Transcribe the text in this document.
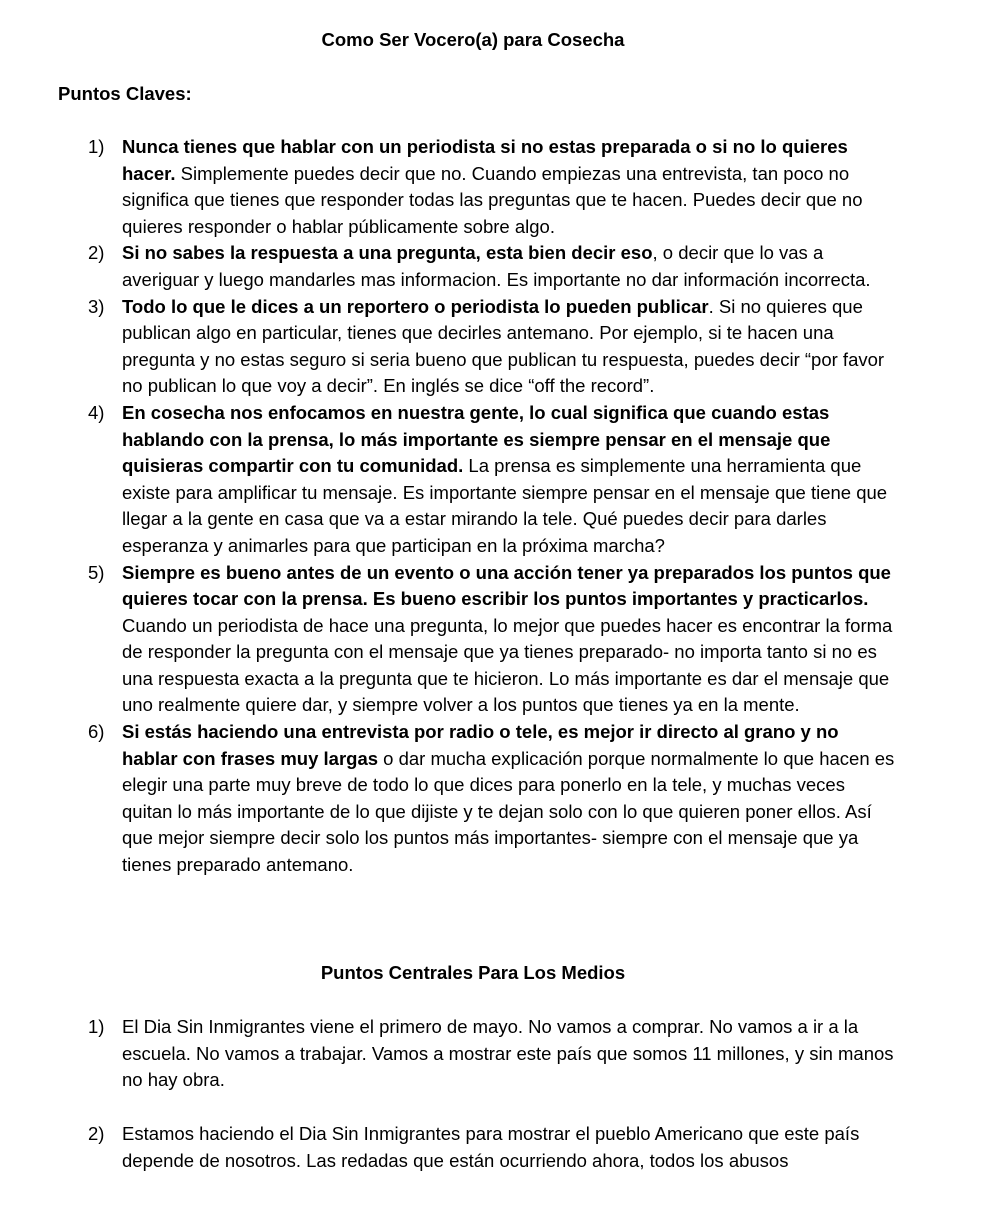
Como Ser Vocero(a) para Cosecha
Puntos Claves:
1) Nunca tienes que hablar con un periodista si no estas preparada o si no lo quieres hacer. Simplemente puedes decir que no. Cuando empiezas una entrevista, tan poco no significa que tienes que responder todas las preguntas que te hacen. Puedes decir que no quieres responder o hablar públicamente sobre algo.
2) Si no sabes la respuesta a una pregunta, esta bien decir eso, o decir que lo vas a averiguar y luego mandarles mas informacion. Es importante no dar información incorrecta.
3) Todo lo que le dices a un reportero o periodista lo pueden publicar. Si no quieres que publican algo en particular, tienes que decirles antemano. Por ejemplo, si te hacen una pregunta y no estas seguro si seria bueno que publican tu respuesta, puedes decir “por favor no publican lo que voy a decir”. En inglés se dice “off the record”.
4) En cosecha nos enfocamos en nuestra gente, lo cual significa que cuando estas hablando con la prensa, lo más importante es siempre pensar en el mensaje que quisieras compartir con tu comunidad. La prensa es simplemente una herramienta que existe para amplificar tu mensaje. Es importante siempre pensar en el mensaje que tiene que llegar a la gente en casa que va a estar mirando la tele. Qué puedes decir para darles esperanza y animarles para que participan en la próxima marcha?
5) Siempre es bueno antes de un evento o una acción tener ya preparados los puntos que quieres tocar con la prensa. Es bueno escribir los puntos importantes y practicarlos. Cuando un periodista de hace una pregunta, lo mejor que puedes hacer es encontrar la forma de responder la pregunta con el mensaje que ya tienes preparado- no importa tanto si no es una respuesta exacta a la pregunta que te hicieron. Lo más importante es dar el mensaje que uno realmente quiere dar, y siempre volver a los puntos que tienes ya en la mente.
6) Si estás haciendo una entrevista por radio o tele, es mejor ir directo al grano y no hablar con frases muy largas o dar mucha explicación porque normalmente lo que hacen es elegir una parte muy breve de todo lo que dices para ponerlo en la tele, y muchas veces quitan lo más importante de lo que dijiste y te dejan solo con lo que quieren poner ellos. Así que mejor siempre decir solo los puntos más importantes- siempre con el mensaje que ya tienes preparado antemano.
Puntos Centrales Para Los Medios
1) El Dia Sin Inmigrantes viene el primero de mayo. No vamos a comprar. No vamos a ir a la escuela. No vamos a trabajar. Vamos a mostrar este país que somos 11 millones, y sin manos no hay obra.
2) Estamos haciendo el Dia Sin Inmigrantes para mostrar el pueblo Americano que este país depende de nosotros. Las redadas que están ocurriendo ahora, todos los abusos
